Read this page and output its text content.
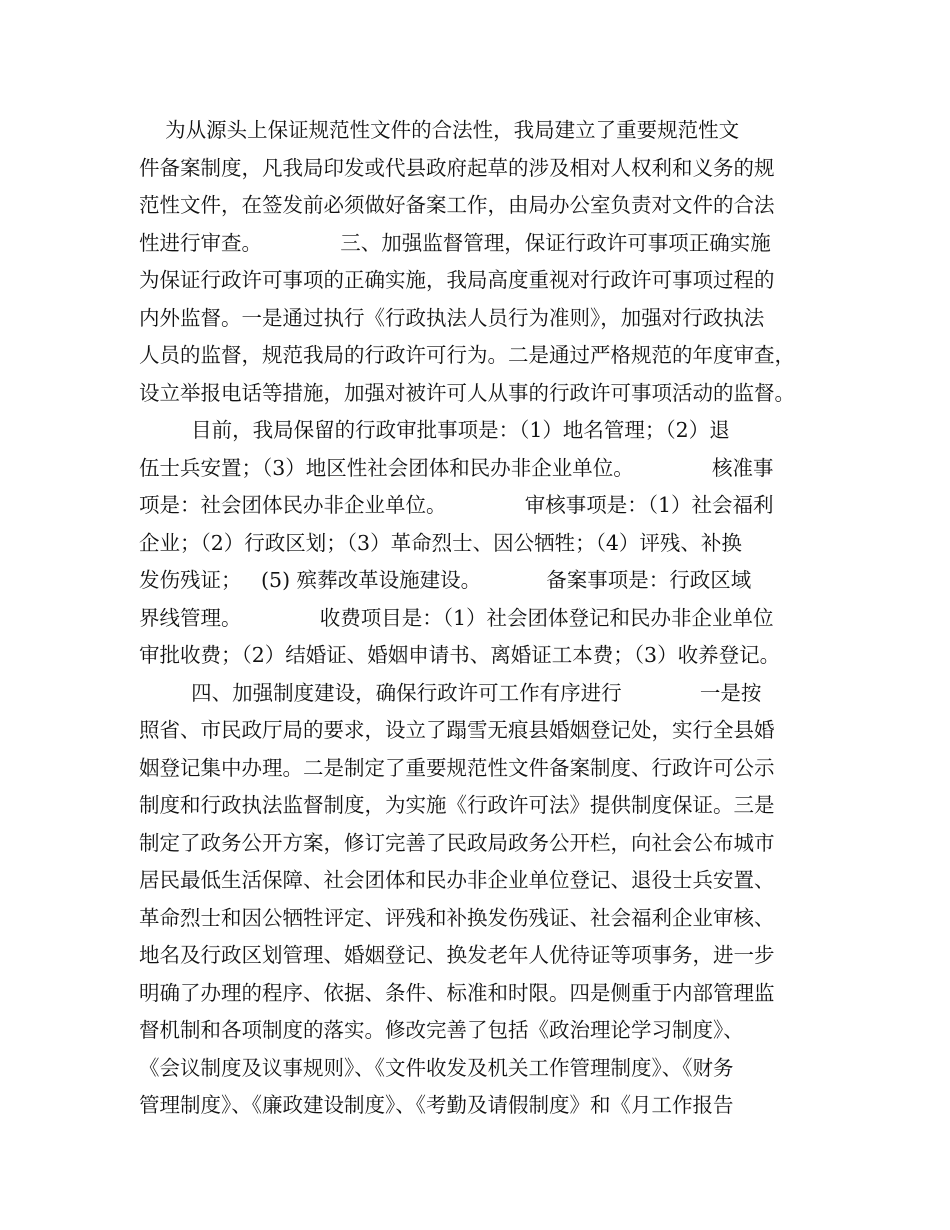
为从源头上保证规范性文件的合法性，我局建立了重要规范性文
件备案制度，凡我局印发或代县政府起草的涉及相对人权利和义务的规
范性文件，在签发前必须做好备案工作，由局办公室负责对文件的合法
性进行审查。            三、加强监督管理，保证行政许可事项正确实施
为保证行政许可事项的正确实施，我局高度重视对行政许可事项过程的
内外监督。一是通过执行《行政执法人员行为准则》，加强对行政执法
人员的监督，规范我局的行政许可行为。二是通过严格规范的年度审查，
设立举报电话等措施，加强对被许可人从事的行政许可事项活动的监督。
目前，我局保留的行政审批事项是：（1）地名管理；（2）退
伍士兵安置；（3）地区性社会团体和民办非企业单位。            核准事
项是：社会团体民办非企业单位。            审核事项是：（1）社会福利
企业；（2）行政区划；（3）革命烈士、因公牺牲；（4）评残、补换
发伤残证；   (5) 殡葬改革设施建设。          备案事项是：行政区域
界线管理。            收费项目是：（1）社会团体登记和民办非企业单位
审批收费；（2）结婚证、婚姻申请书、离婚证工本费；（3）收养登记。
四、加强制度建设，确保行政许可工作有序进行            一是按
照省、市民政厅局的要求，设立了蹋雪无痕县婚姻登记处，实行全县婚
姻登记集中办理。二是制定了重要规范性文件备案制度、行政许可公示
制度和行政执法监督制度，为实施《行政许可法》提供制度保证。三是
制定了政务公开方案，修订完善了民政局政务公开栏，向社会公布城市
居民最低生活保障、社会团体和民办非企业单位登记、退役士兵安置、
革命烈士和因公牺牲评定、评残和补换发伤残证、社会福利企业审核、
地名及行政区划管理、婚姻登记、换发老年人优待证等项事务，进一步
明确了办理的程序、依据、条件、标准和时限。四是侧重于内部管理监
督机制和各项制度的落实。修改完善了包括《政治理论学习制度》、
《会议制度及议事规则》、《文件收发及机关工作管理制度》、《财务
管理制度》、《廉政建设制度》、《考勤及请假制度》和《月工作报告
